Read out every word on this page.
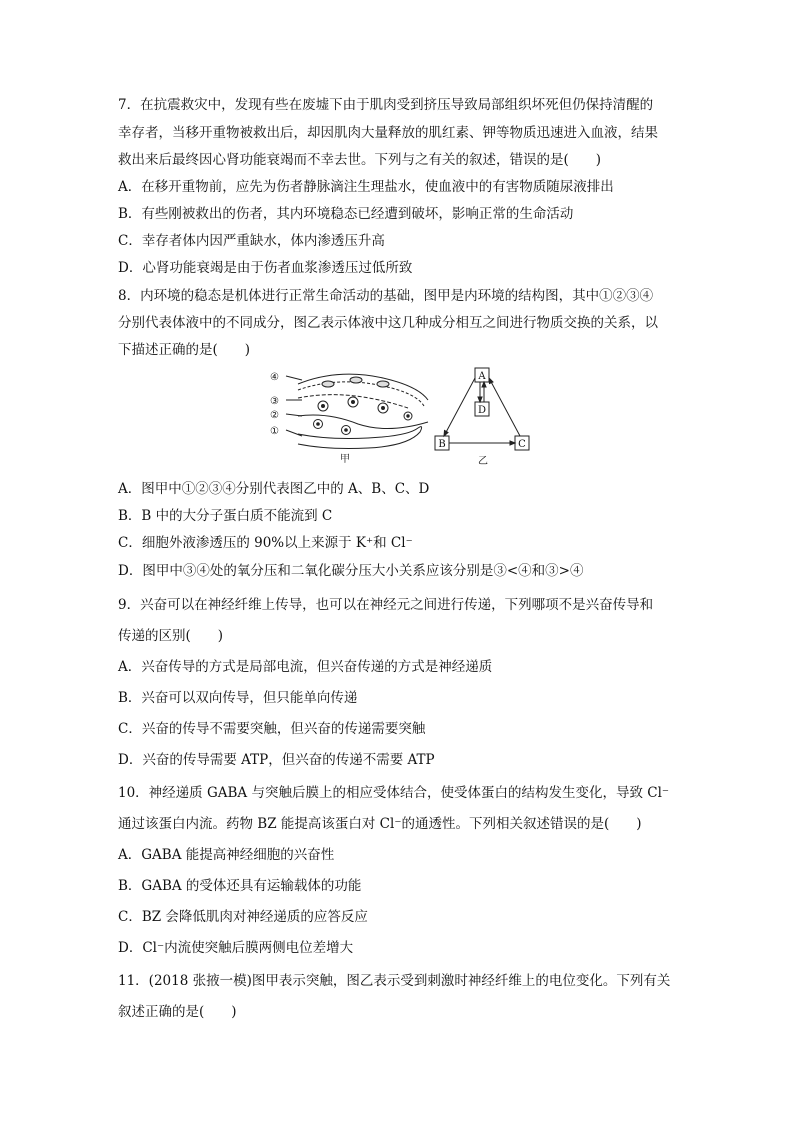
7．在抗震救灾中，发现有些在废墟下由于肌肉受到挤压导致局部组织坏死但仍保持清醒的
幸存者，当移开重物被救出后，却因肌肉大量释放的肌红素、钾等物质迅速进入血液，结果
救出来后最终因心肾功能衰竭而不幸去世。下列与之有关的叙述，错误的是(　　)
A．在移开重物前，应先为伤者静脉滴注生理盐水，使血液中的有害物质随尿液排出
B．有些刚被救出的伤者，其内环境稳态已经遭到破坏，影响正常的生命活动
C．幸存者体内因严重缺水，体内渗透压升高
D．心肾功能衰竭是由于伤者血浆渗透压过低所致
8．内环境的稳态是机体进行正常生命活动的基础，图甲是内环境的结构图，其中①②③④
分别代表体液中的不同成分，图乙表示体液中这几种成分相互之间进行物质交换的关系，以
下描述正确的是(　　)
④
③
②
①
甲
A
D
B	C
乙
A．图甲中①②③④分别代表图乙中的 A、B、C、D
B．B 中的大分子蛋白质不能流到 C
C．细胞外液渗透压的 90%以上来源于 K⁺和 Cl⁻
D．图甲中③④处的氧分压和二氧化碳分压大小关系应该分别是③<④和③>④
9．兴奋可以在神经纤维上传导，也可以在神经元之间进行传递，下列哪项不是兴奋传导和
传递的区别(　　)
A．兴奋传导的方式是局部电流，但兴奋传递的方式是神经递质
B．兴奋可以双向传导，但只能单向传递
C．兴奋的传导不需要突触，但兴奋的传递需要突触
D．兴奋的传导需要 ATP，但兴奋的传递不需要 ATP
10．神经递质 GABA 与突触后膜上的相应受体结合，使受体蛋白的结构发生变化，导致 Cl⁻
通过该蛋白内流。药物 BZ 能提高该蛋白对 Cl⁻的通透性。下列相关叙述错误的是(　　)
A．GABA 能提高神经细胞的兴奋性
B．GABA 的受体还具有运输载体的功能
C．BZ 会降低肌肉对神经递质的应答反应
D．Cl⁻内流使突触后膜两侧电位差增大
11．(2018 张掖一模)图甲表示突触，图乙表示受到刺激时神经纤维上的电位变化。下列有关
叙述正确的是(　　)
